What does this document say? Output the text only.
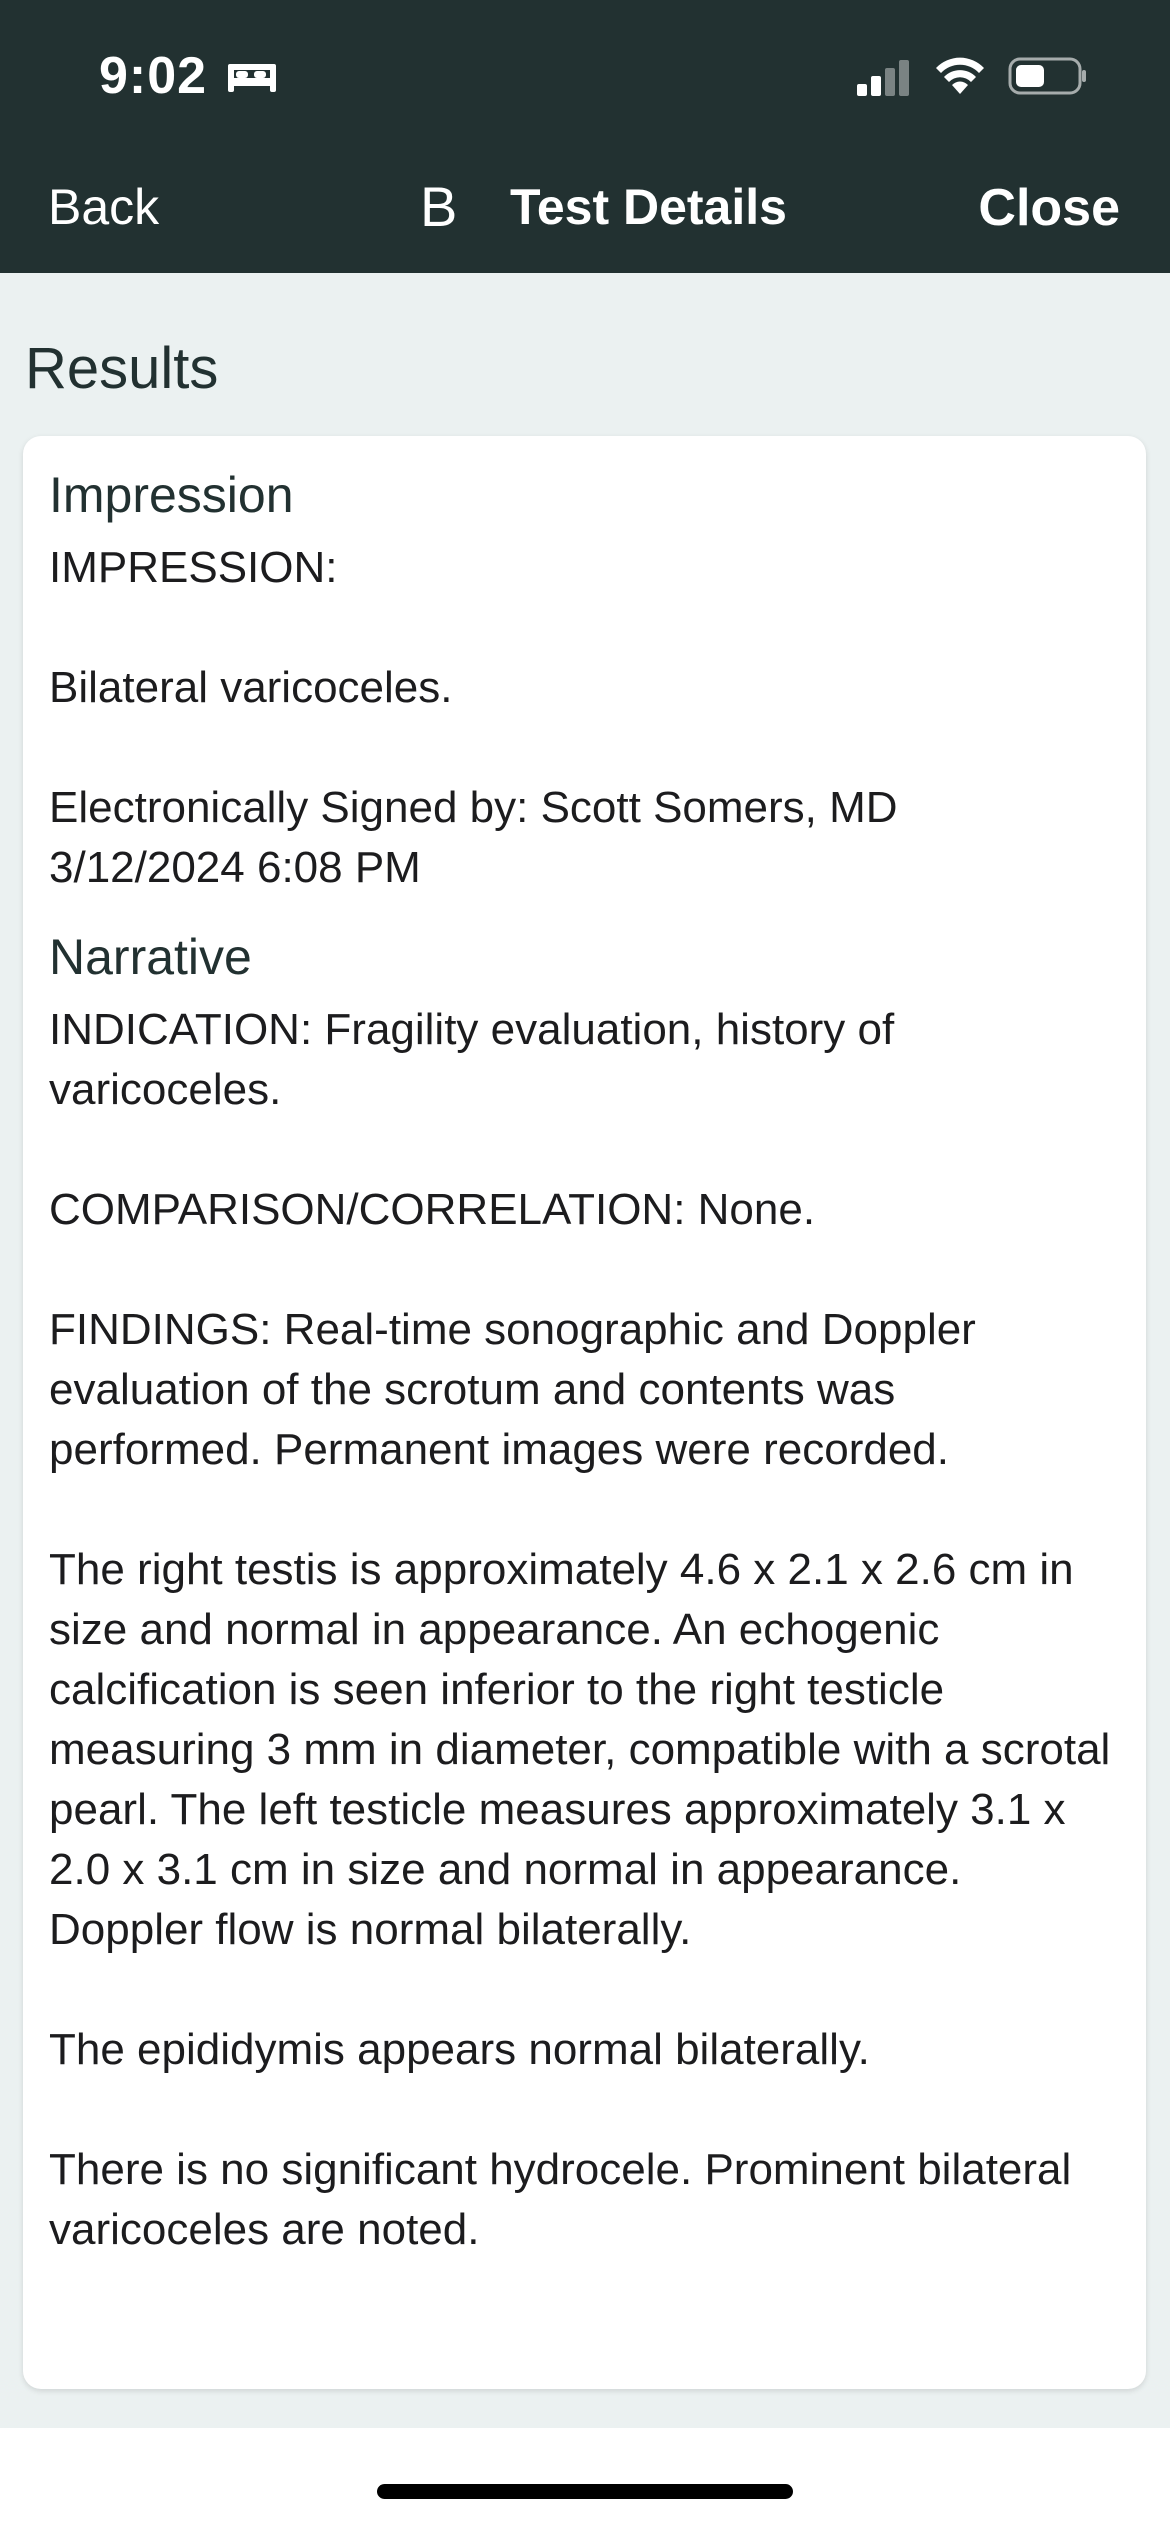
9:02
Back	B Test Details	Close
Results
Impression

IMPRESSION:

Bilateral varicoceles.

Electronically Signed by: Scott Somers, MD 3/12/2024 6:08 PM

Narrative

INDICATION: Fragility evaluation, history of varicoceles.

COMPARISON/CORRELATION: None.

FINDINGS: Real-time sonographic and Doppler evaluation of the scrotum and contents was performed. Permanent images were recorded.

The right testis is approximately 4.6 x 2.1 x 2.6 cm in size and normal in appearance. An echogenic calcification is seen inferior to the right testicle measuring 3 mm in diameter, compatible with a scrotal pearl. The left testicle measures approximately 3.1 x 2.0 x 3.1 cm in size and normal in appearance. Doppler flow is normal bilaterally.

The epididymis appears normal bilaterally.

There is no significant hydrocele. Prominent bilateral varicoceles are noted.
